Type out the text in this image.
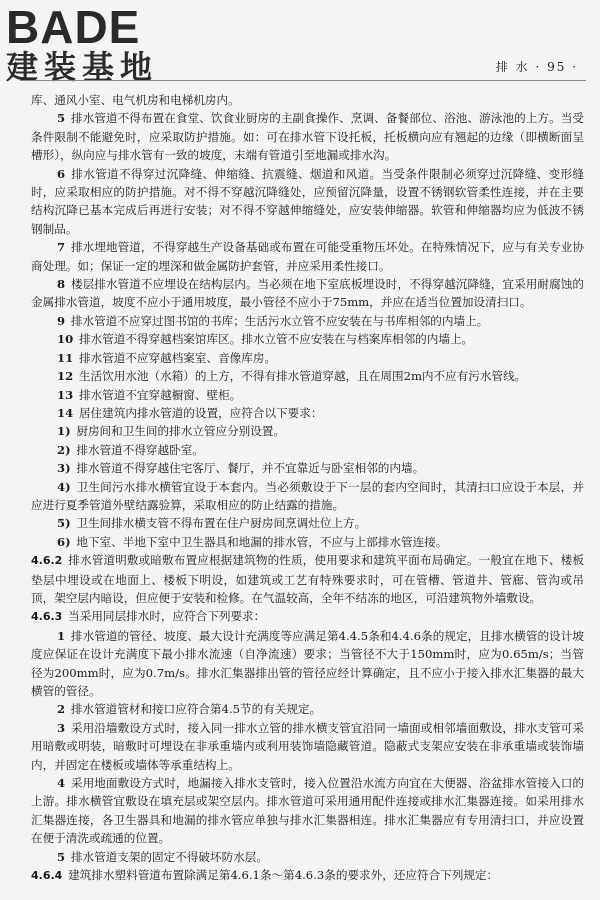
BADE
建装基地	排 水 · 95 ·

库、通风小室、电气机房和电梯机房内。

5  排水管道不得布置在食堂、饮食业厨房的主副食操作、烹调、备餐部位、浴池、游泳池的上方。当受条件限制不能避免时，应采取防护措施。如：可在排水管下设托板，托板横向应有翘起的边缘（即横断面呈槽形），纵向应与排水管有一致的坡度，末端有管道引至地漏或排水沟。

6  排水管道不得穿过沉降缝、伸缩缝、抗震缝、烟道和风道。当受条件限制必须穿过沉降缝、变形缝时，应采取相应的防护措施。对不得不穿越沉降缝处，应预留沉降量，设置不锈钢软管柔性连接，并在主要结构沉降已基本完成后再进行安装；对不得不穿越伸缩缝处，应安装伸缩器。软管和伸缩器均应为低波不锈钢制品。

7  排水埋地管道，不得穿越生产设备基础或布置在可能受重物压坏处。在特殊情况下，应与有关专业协商处理。如；保证一定的埋深和做金属防护套管，并应采用柔性接口。

8  楼层排水管道不应埋设在结构层内。当必须在地下室底板埋设时，不得穿越沉降缝，宜采用耐腐蚀的金属排水管道，坡度不应小于通用坡度，最小管径不应小于75mm，并应在适当位置加设清扫口。

9  排水管道不应穿过图书馆的书库；生活污水立管不应安装在与书库相邻的内墙上。

10  排水管道不得穿越档案馆库区。排水立管不应安装在与档案库相邻的内墙上。

11  排水管道不应穿越档案室、音像库房。

12  生活饮用水池（水箱）的上方，不得有排水管道穿越，且在周围2m内不应有污水管线。

13  排水管道不宜穿越橱窗、壁柜。

14  居住建筑内排水管道的设置，应符合以下要求：

1)  厨房间和卫生间的排水立管应分别设置。

2)  排水管道不得穿越卧室。

3)  排水管道不得穿越住宅客厅、餐厅，并不宜靠近与卧室相邻的内墙。

4)  卫生间污水排水横管宜设于本套内。当必须敷设于下一层的套内空间时，其清扫口应设于本层，并应进行夏季管道外壁结露验算，采取相应的防止结露的措施。

5)  卫生间排水横支管不得布置在住户厨房间烹调灶位上方。

6)  地下室、半地下室中卫生器具和地漏的排水管，不应与上部排水管连接。

4.6.2  排水管道明敷或暗敷布置应根据建筑物的性质，使用要求和建筑平面布局确定。一般宜在地下、楼板垫层中埋设或在地面上、楼板下明设，如建筑或工艺有特殊要求时，可在管槽、管道井、管廊、管沟或吊顶，架空层内暗设，但应便于安装和检修。在气温较高，全年不结冻的地区，可沿建筑物外墙敷设。

4.6.3  当采用同层排水时，应符合下列要求：

1  排水管道的管径、坡度、最大设计充满度等应满足第4.4.5条和4.4.6条的规定，且排水横管的设计坡度应保证在设计充满度下最小排水流速（自净流速）要求；当管径不大于150mm时，应为0.65m/s；当管径为200mm时，应为0.7m/s。排水汇集器排出管的管径应经计算确定，且不应小于接入排水汇集器的最大横管的管径。

2  排水管道管材和接口应符合第4.5节的有关规定。

3  采用沿墙敷设方式时，接入同一排水立管的排水横支管宜沿同一墙面或相邻墙面敷设，排水支管可采用暗敷或明装，暗敷时可埋设在非承重墙内或利用装饰墙隐藏管道。隐蔽式支架应安装在非承重墙或装饰墙内，并固定在楼板或墙体等承重结构上。

4  采用地面敷设方式时，地漏接入排水支管时，接入位置沿水流方向宜在大便器、浴盆排水管接入口的上游。排水横管宜敷设在填充层或架空层内。排水管道可采用通用配件连接或排水汇集器连接。如采用排水汇集器连接，各卫生器具和地漏的排水管应单独与排水汇集器相连。排水汇集器应有专用清扫口，并应设置在便于清洗或疏通的位置。

5  排水管道支架的固定不得破坏防水层。

4.6.4  建筑排水塑料管道布置除满足第4.6.1条～第4.6.3条的要求外，还应符合下列规定：
